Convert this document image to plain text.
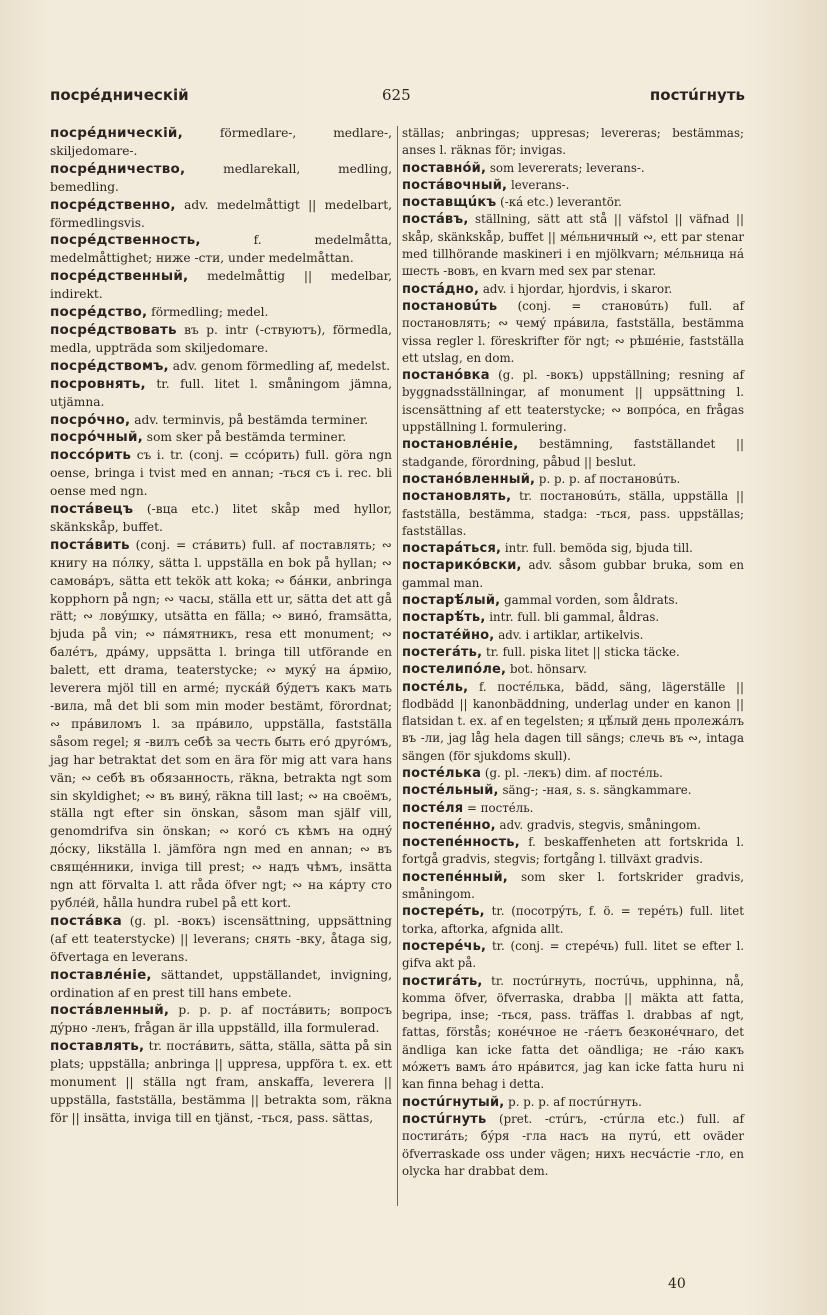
посрéдническiй	625	постúгнуть

посрéдническiй, förmedlare-, medlare-, skiljedomare-.

посрéдничество, medlarekall, medling, bemedling.

посрéдственно, adv. medelmåttigt || medelbart, förmedlingsvis.

посрéдственность, f. medelmåtta, medelmåttighet; нижe -сти, under medelmåttan.

посрéдственный, medelmåttig || medelbar, indirekt.

посрéдство, förmedling; medel.

посрéдствовать въ p. intr (-ствуютъ), förmedla, medla, uppträda som skiljedomare.

посрéдствомъ, adv. genom förmedling af, medelst.

посровнять, tr. full. litet l. småningom jämna, utjämna.

посрóчно, adv. terminvis, på bestämda terminer.

посрóчный, som sker på bestämda terminer.

поссóрить съ i. tr. (conj. = ссóрить) full. göra ngn oense, bringa i tvist med en annan; -ться съ i. rec. bli oense med ngn.

постáвецъ (-вца etc.) litet skåp med hyllor, skänkskåp, buffet.

постáвить (conj. = стáвить) full. af поставлять; ∾ книгу на пóлку, sätta l. uppställa en bok på hyllan; ∾ самовáръ, sätta ett tekök att koka; ∾ бáнки, anbringa kopphorn på ngn; ∾ часы, ställa ett ur, sätta det att gå rätt; ∾ ловýшку, utsätta en fälla; ∾ винó, framsätta, bjuda på vin; ∾ пáмятникъ, resa ett monument; ∾ балéтъ, дрáму, uppsätta l. bringa till utförande en balett, ett drama, teaterstycke; ∾ мукý на áрмiю, leverera mjöl till en armé; пускáй бýдетъ какъ мать -вила, må det bli som min moder bestämt, förordnat; ∾ прáвиломъ l. за прáвило, uppställa, fastställa såsom regel; я -вилъ себѣ за честь быть егó другóмъ, jag har betraktat det som en ära för mig att vara hans vän; ∾ себѣ въ обязанность, räkna, betrakta ngt som sin skyldighet; ∾ въ винý, räkna till last; ∾ на своёмъ, ställa ngt efter sin önskan, såsom man själf vill, genomdrifva sin önskan; ∾ когó съ кѣмъ на однý дóску, likställa l. jämföra ngn med en annan; ∾ въ свящéнники, inviga till prest; ∾ надъ чѣмъ, insätta ngn att förvalta l. att råda öfver ngt; ∾ на кáрту сто рублéй, hålla hundra rubel på ett kort.

постáвка (g. pl. -вокъ) iscensättning, uppsättning (af ett teaterstycke) || leverans; снять -вку, åtaga sig, öfvertaga en leverans.

поставлéнiе, sättandet, uppställandet, invigning, ordination af en prest till hans embete.

постáвленный, p. p. p. af постáвить; вопросъ дýрно -ленъ, frågan är illa uppställd, illa formulerad.

поставлять, tr. постáвить, sätta, ställa, sätta på sin plats; uppställa; anbringa || uppresa, uppföra t. ex. ett monument || ställa ngt fram, anskaffa, leverera || uppställa, fastställa, bestämma || betrakta som, räkna för || insätta, inviga till en tjänst, -ться, pass. sättas,

ställas; anbringas; uppresas; levereras; bestämmas; anses l. räknas för; invigas.

поставнóй, som levererats; leverans-.

постáвочный, leverans-.

поставщúкъ (-кá etc.) leverantör.

постáвъ, ställning, sätt att stå || väfstol || väfnad || skåp, skänkskåp, buffet || мéльничный ∾, ett par stenar med tillhörande maskineri i en mjölkvarn; мéльница нá шесть -вовъ, en kvarn med sex par stenar.

постáдно, adv. i hjordar, hjordvis, i skaror.

постановúть (conj. = становúть) full. af постановлять; ∾ чемý прáвила, fastställa, bestämma vissa regler l. föreskrifter för ngt; ∾ рѣшéнiе, fastställa ett utslag, en dom.

постанóвка (g. pl. -вокъ) uppställning; resning af byggnadsställningar, af monument || uppsättning l. iscensättning af ett teaterstycke; ∾ вопрóса, en frågas uppställning l. formulering.

постановлéнiе, bestämning, fastställandet || stadgande, förordning, påbud || beslut.

постанóвленный, p. p. p. af постановúть.

постановлять, tr. постановúть, ställa, uppställa || fastställa, bestämma, stadga: -ться, pass. uppställas; fastställas.

постарáться, intr. full. bemöda sig, bjuda till.

постарикóвски, adv. såsom gubbar bruka, som en gammal man.

постарѣ́лый, gammal vorden, som åldrats.

постарѣ́ть, intr. full. bli gammal, åldras.

постатéйно, adv. i artiklar, artikelvis.

постегáть, tr. full. piska litet || sticka täcke.

постелипóле, bot. hönsarv.

постéль, f. постéлька, bädd, säng, lägerställe || flodbädd || kanonbäddning, underlag under en kanon || flatsidan t. ex. af en tegelsten; я цѣ́лый день пролежáлъ въ -ли, jag låg hela dagen till sängs; слечь въ ∾, intaga sängen (för sjukdoms skull).

постéлька (g. pl. -лекъ) dim. af постéль.

постéльный, säng-; -ная, s. s. sängkammare.

постéля = постéль.

постепéнно, adv. gradvis, stegvis, småningom.

постепéнность, f. beskaffenheten att fortskrida l. fortgå gradvis, stegvis; fortgång l. tillväxt gradvis.

постепéнный, som sker l. fortskrider gradvis, småningom.

постерéть, tr. (посотрýть, f. ö. = терéть) full. litet torka, aftorka, afgnida allt.

постерéчь, tr. (conj. = стерéчь) full. litet se efter l. gifva akt på.

постигáть, tr. постúгнуть, постúчь, upphinna, nå, komma öfver, öfverraska, drabba || mäkta att fatta, begripa, inse; -ться, pass. träffas l. drabbas af ngt, fattas, förstås; конéчное не -гáетъ безконéчнаго, det ändliga kan icke fatta det oändliga; не -гáю какъ мóжетъ вамъ áто нрáвится, jag kan icke fatta huru ni kan finna behag i detta.

постúгнутый, p. p. p. af постúгнуть.

постúгнуть (pret. -стúгъ, -стúгла etc.) full. af постигáть; бýря -гла насъ на путú, ett oväder öfverraskade oss under vägen; нихъ несчáстiе -гло, en olycka har drabbat dem.

40
